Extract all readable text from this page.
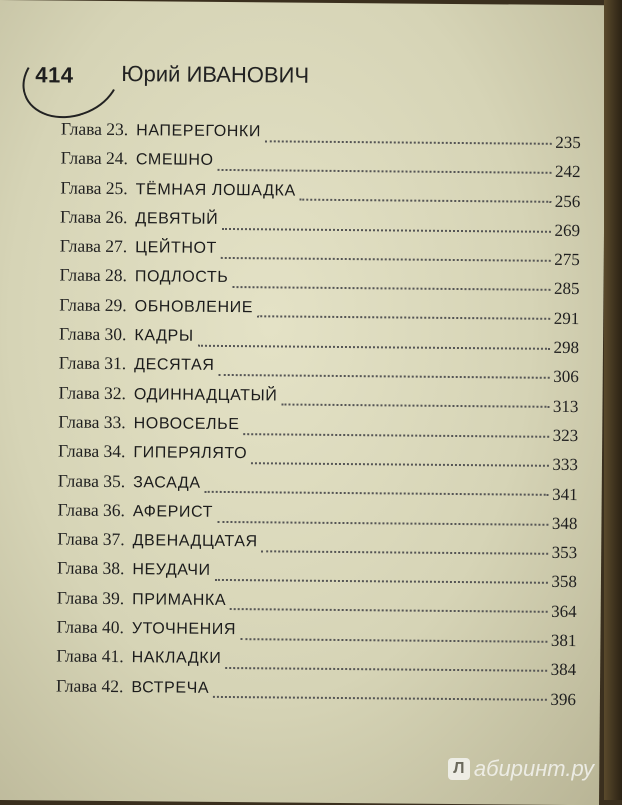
414 Юрий ИВАНОВИЧ
Глава 23. НАПЕРЕГОНКИ
235
Глава 24. СМЕШНО
242
Глава 25. ТЁМНАЯ ЛОШАДКА
256
Глава 26. ДЕВЯТЫЙ
269
Глава 27. ЦЕЙТНОТ
275
Глава 28. ПОДЛОСТЬ
285
Глава 29. ОБНОВЛЕНИЕ
291
Глава 30. КАДРЫ
298
Глава 31. ДЕСЯТАЯ
306
Глава 32. ОДИННАДЦАТЫЙ
313
Глава 33. НОВОСЕЛЬЕ
323
Глава 34. ГИПЕРЯЛЯТО
333
Глава 35. ЗАСАДА
341
Глава 36. АФЕРИСТ
348
Глава 37. ДВЕНАДЦАТАЯ
353
Глава 38. НЕУДАЧИ
358
Глава 39. ПРИМАНКА
364
Глава 40. УТОЧНЕНИЯ
381
Глава 41. НАКЛАДКИ
384
Глава 42. ВСТРЕЧА
396
Л абиринт.ру
